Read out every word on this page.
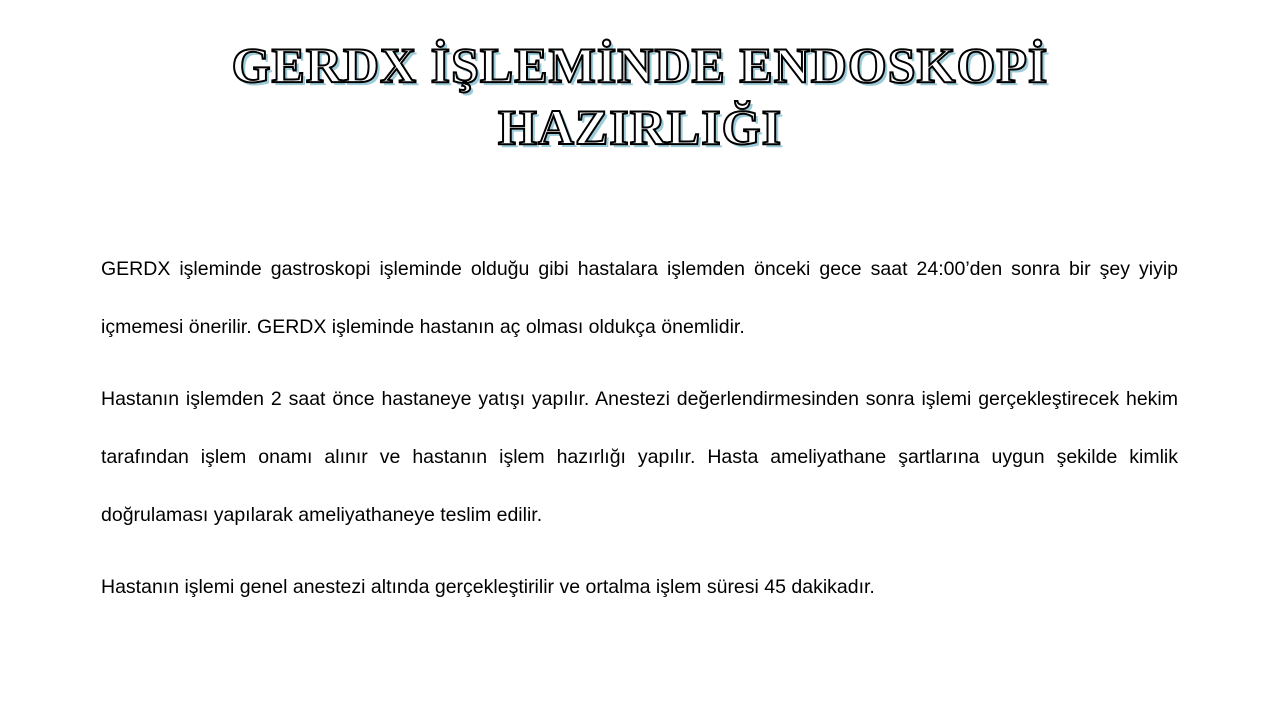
GERDX İŞLEMİNDE ENDOSKOPİ
HAZIRLIĞI

GERDX işleminde gastroskopi işleminde olduğu gibi hastalara işlemden önceki gece saat 24:00’den sonra bir şey yiyip içmemesi önerilir. GERDX işleminde hastanın aç olması oldukça önemlidir.

Hastanın işlemden 2 saat önce hastaneye yatışı yapılır. Anestezi değerlendirmesinden sonra işlemi gerçekleştirecek hekim tarafından işlem onamı alınır ve hastanın işlem hazırlığı yapılır. Hasta ameliyathane şartlarına uygun şekilde kimlik doğrulaması yapılarak ameliyathaneye teslim edilir.

Hastanın işlemi genel anestezi altında gerçekleştirilir ve ortalma işlem süresi 45 dakikadır.
